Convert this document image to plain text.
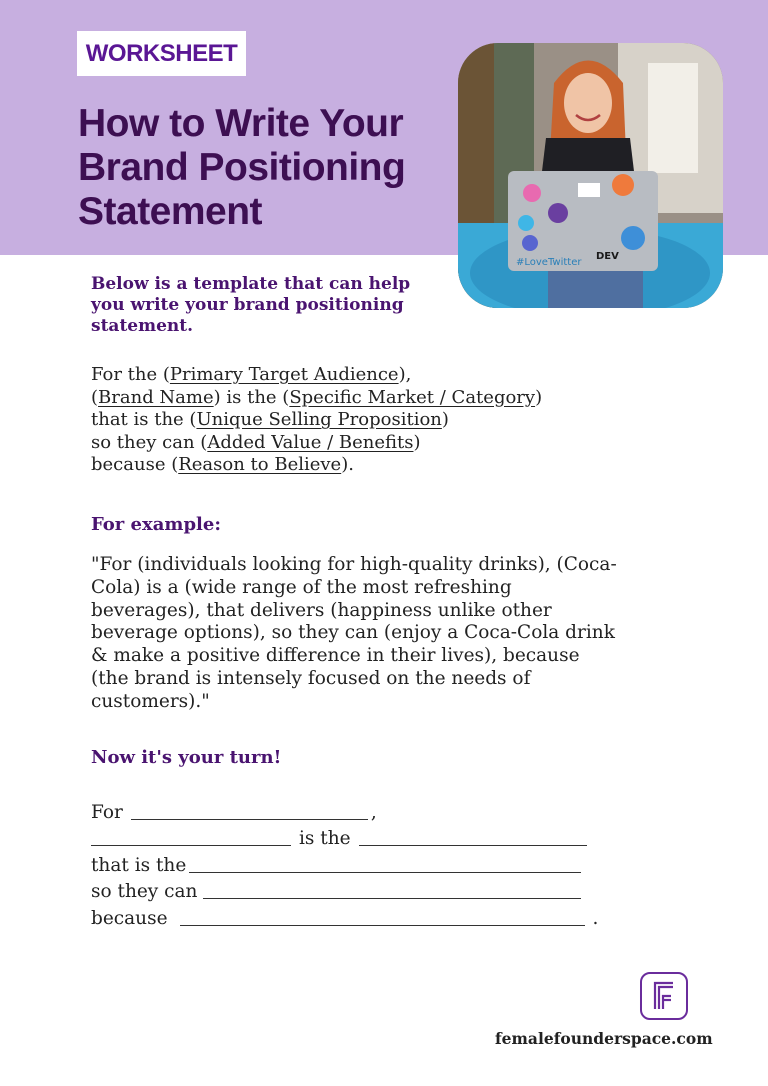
WORKSHEET
How to Write Your Brand Positioning Statement
#LoveTwitter
DEV

Below is a template that can help you write your brand positioning statement.

For the (Primary Target Audience),
(Brand Name) is the (Specific Market / Category)
that is the (Unique Selling Proposition)
so they can (Added Value / Benefits)
because (Reason to Believe).
For example:

"For (individuals looking for high-quality drinks), (Coca-Cola) is a (wide range of the most refreshing beverages), that delivers (happiness unlike other beverage options), so they can (enjoy a Coca-Cola drink & make a positive difference in their lives), because (the brand is intensely focused on the needs of customers)."

Now it's your turn!
For	,
is the
that is the
so they can
because	.

femalefounderspace.com
